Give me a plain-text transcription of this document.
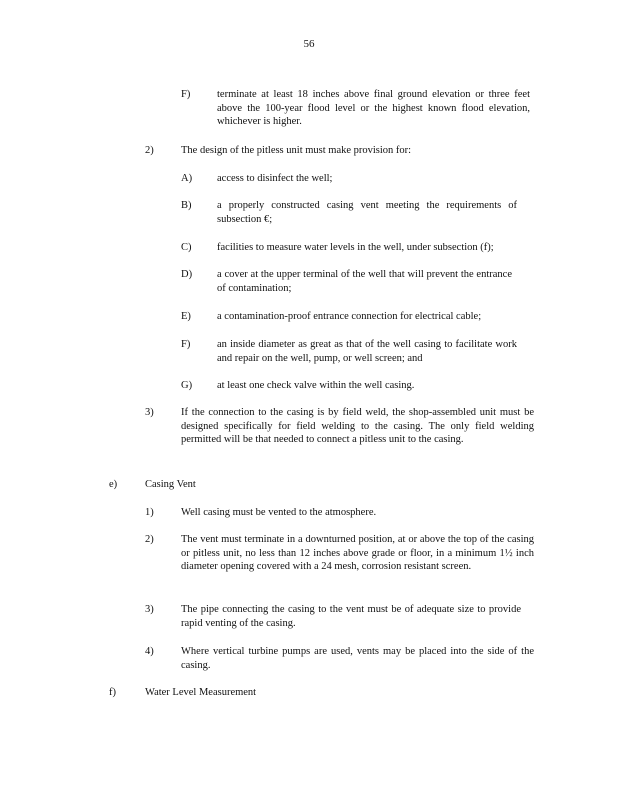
56
F)	terminate at least 18 inches above final ground elevation or three feet above the 100-year flood level or the highest known flood elevation, whichever is higher.
2)	The design of the pitless unit must make provision for:
A) access to disinfect the well;
B) a properly constructed casing vent meeting the requirements of subsection €;
C) facilities to measure water levels in the well, under subsection (f);
D) a cover at the upper terminal of the well that will prevent the entrance of contamination;
E) a contamination-proof entrance connection for electrical cable;
F)	an inside diameter as great as that of the well casing to facilitate work and repair on the well, pump, or well screen; and
G) at least one check valve within the well casing.
3)	If the connection to the casing is by field weld, the shop-assembled unit must be designed specifically for field welding to the casing. The only field welding permitted will be that needed to connect a pitless unit to the casing.
e)	Casing Vent
1)	Well casing must be vented to the atmosphere.
2)	The vent must terminate in a downturned position, at or above the top of the casing or pitless unit, no less than 12 inches above grade or floor, in a minimum 1½ inch diameter opening covered with a 24 mesh, corrosion resistant screen.
3)	The pipe connecting the casing to the vent must be of adequate size to provide rapid venting of the casing.
4)	Where vertical turbine pumps are used, vents may be placed into the side of the casing.
f)	Water Level Measurement
